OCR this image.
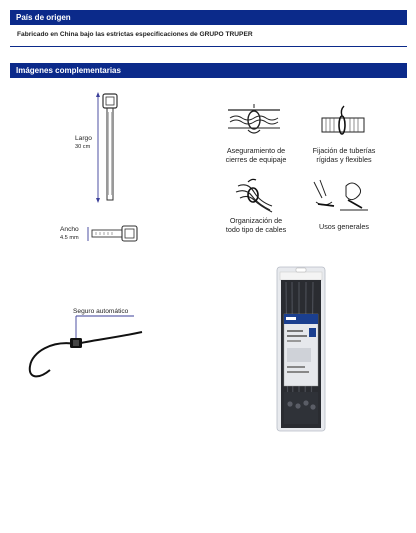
País de origen
Fabricado en China bajo las estrictas especificaciones de GRUPO TRUPER
Imágenes complementarias
Largo
30 cm
Ancho
4.5 mm
Aseguramiento de
cierres de equipaje
Fijación de tuberías
rígidas y flexibles
Organización de
todo tipo de cables	Usos generales
Seguro automático
